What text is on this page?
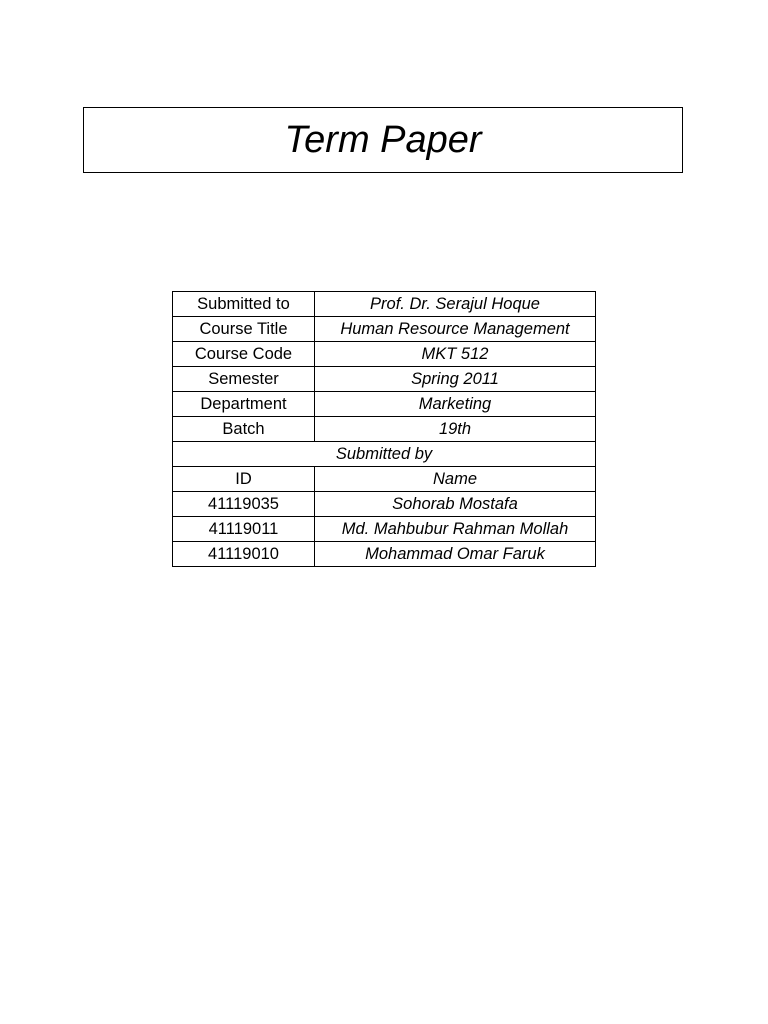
Term Paper
Submitted to	Prof. Dr. Serajul Hoque
Course Title	Human Resource Management
Course Code	MKT 512
Semester	Spring 2011
Department	Marketing
Batch	19th
Submitted by	
ID	Name
41119035	Sohorab Mostafa
41119011	Md. Mahbubur Rahman Mollah
41119010	Mohammad Omar Faruk
